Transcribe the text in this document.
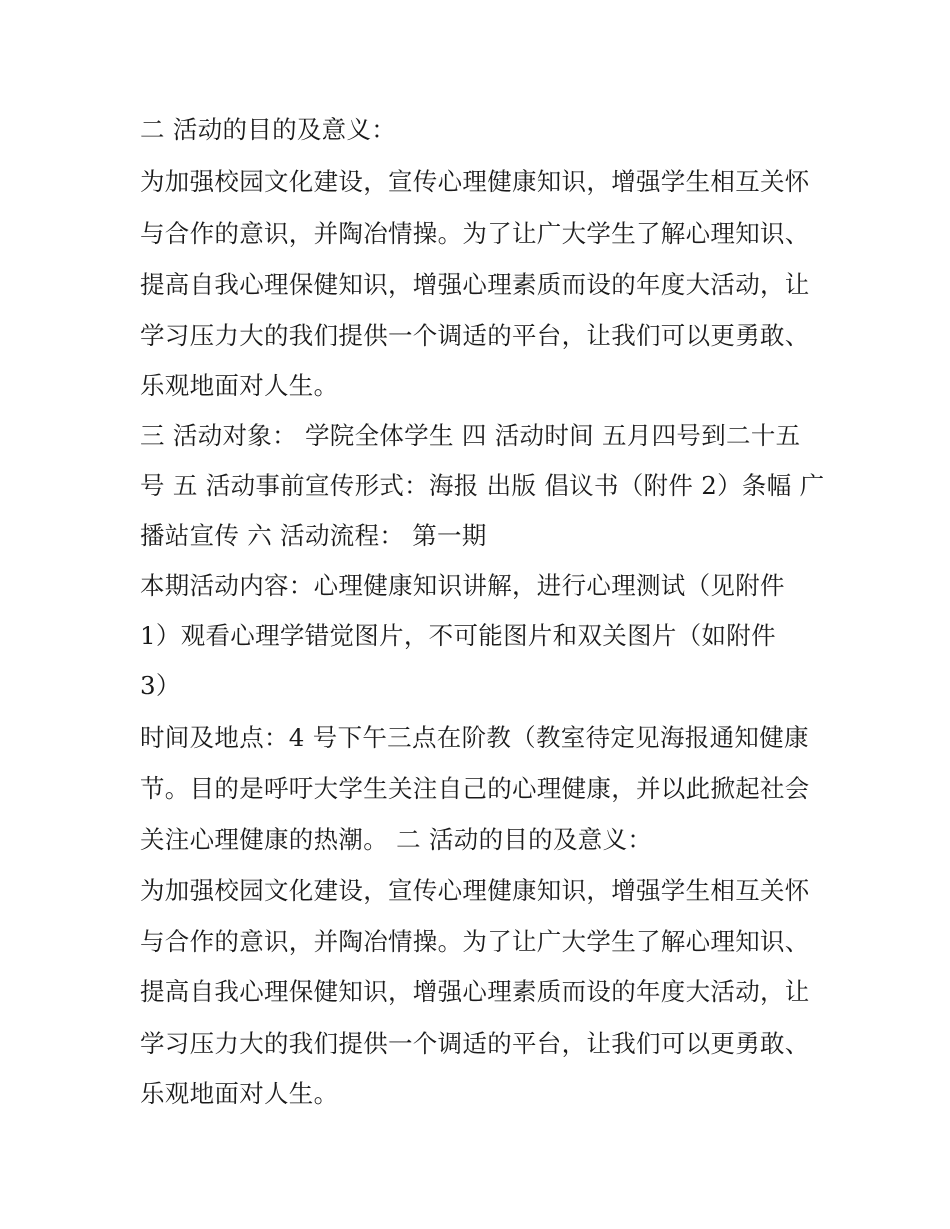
二 活动的目的及意义：
为加强校园文化建设，宣传心理健康知识，增强学生相互关怀
与合作的意识，并陶冶情操。为了让广大学生了解心理知识、
提高自我心理保健知识，增强心理素质而设的年度大活动，让
学习压力大的我们提供一个调适的平台，让我们可以更勇敢、
乐观地面对人生。
三 活动对象： 学院全体学生 四 活动时间 五月四号到二十五
号 五 活动事前宣传形式：海报 出版 倡议书（附件 2）条幅 广
播站宣传 六 活动流程： 第一期
本期活动内容：心理健康知识讲解，进行心理测试（见附件
1）观看心理学错觉图片，不可能图片和双关图片（如附件
3）
时间及地点：4 号下午三点在阶教（教室待定见海报通知健康
节。目的是呼吁大学生关注自己的心理健康，并以此掀起社会
关注心理健康的热潮。 二 活动的目的及意义：
为加强校园文化建设，宣传心理健康知识，增强学生相互关怀
与合作的意识，并陶冶情操。为了让广大学生了解心理知识、
提高自我心理保健知识，增强心理素质而设的年度大活动，让
学习压力大的我们提供一个调适的平台，让我们可以更勇敢、
乐观地面对人生。
